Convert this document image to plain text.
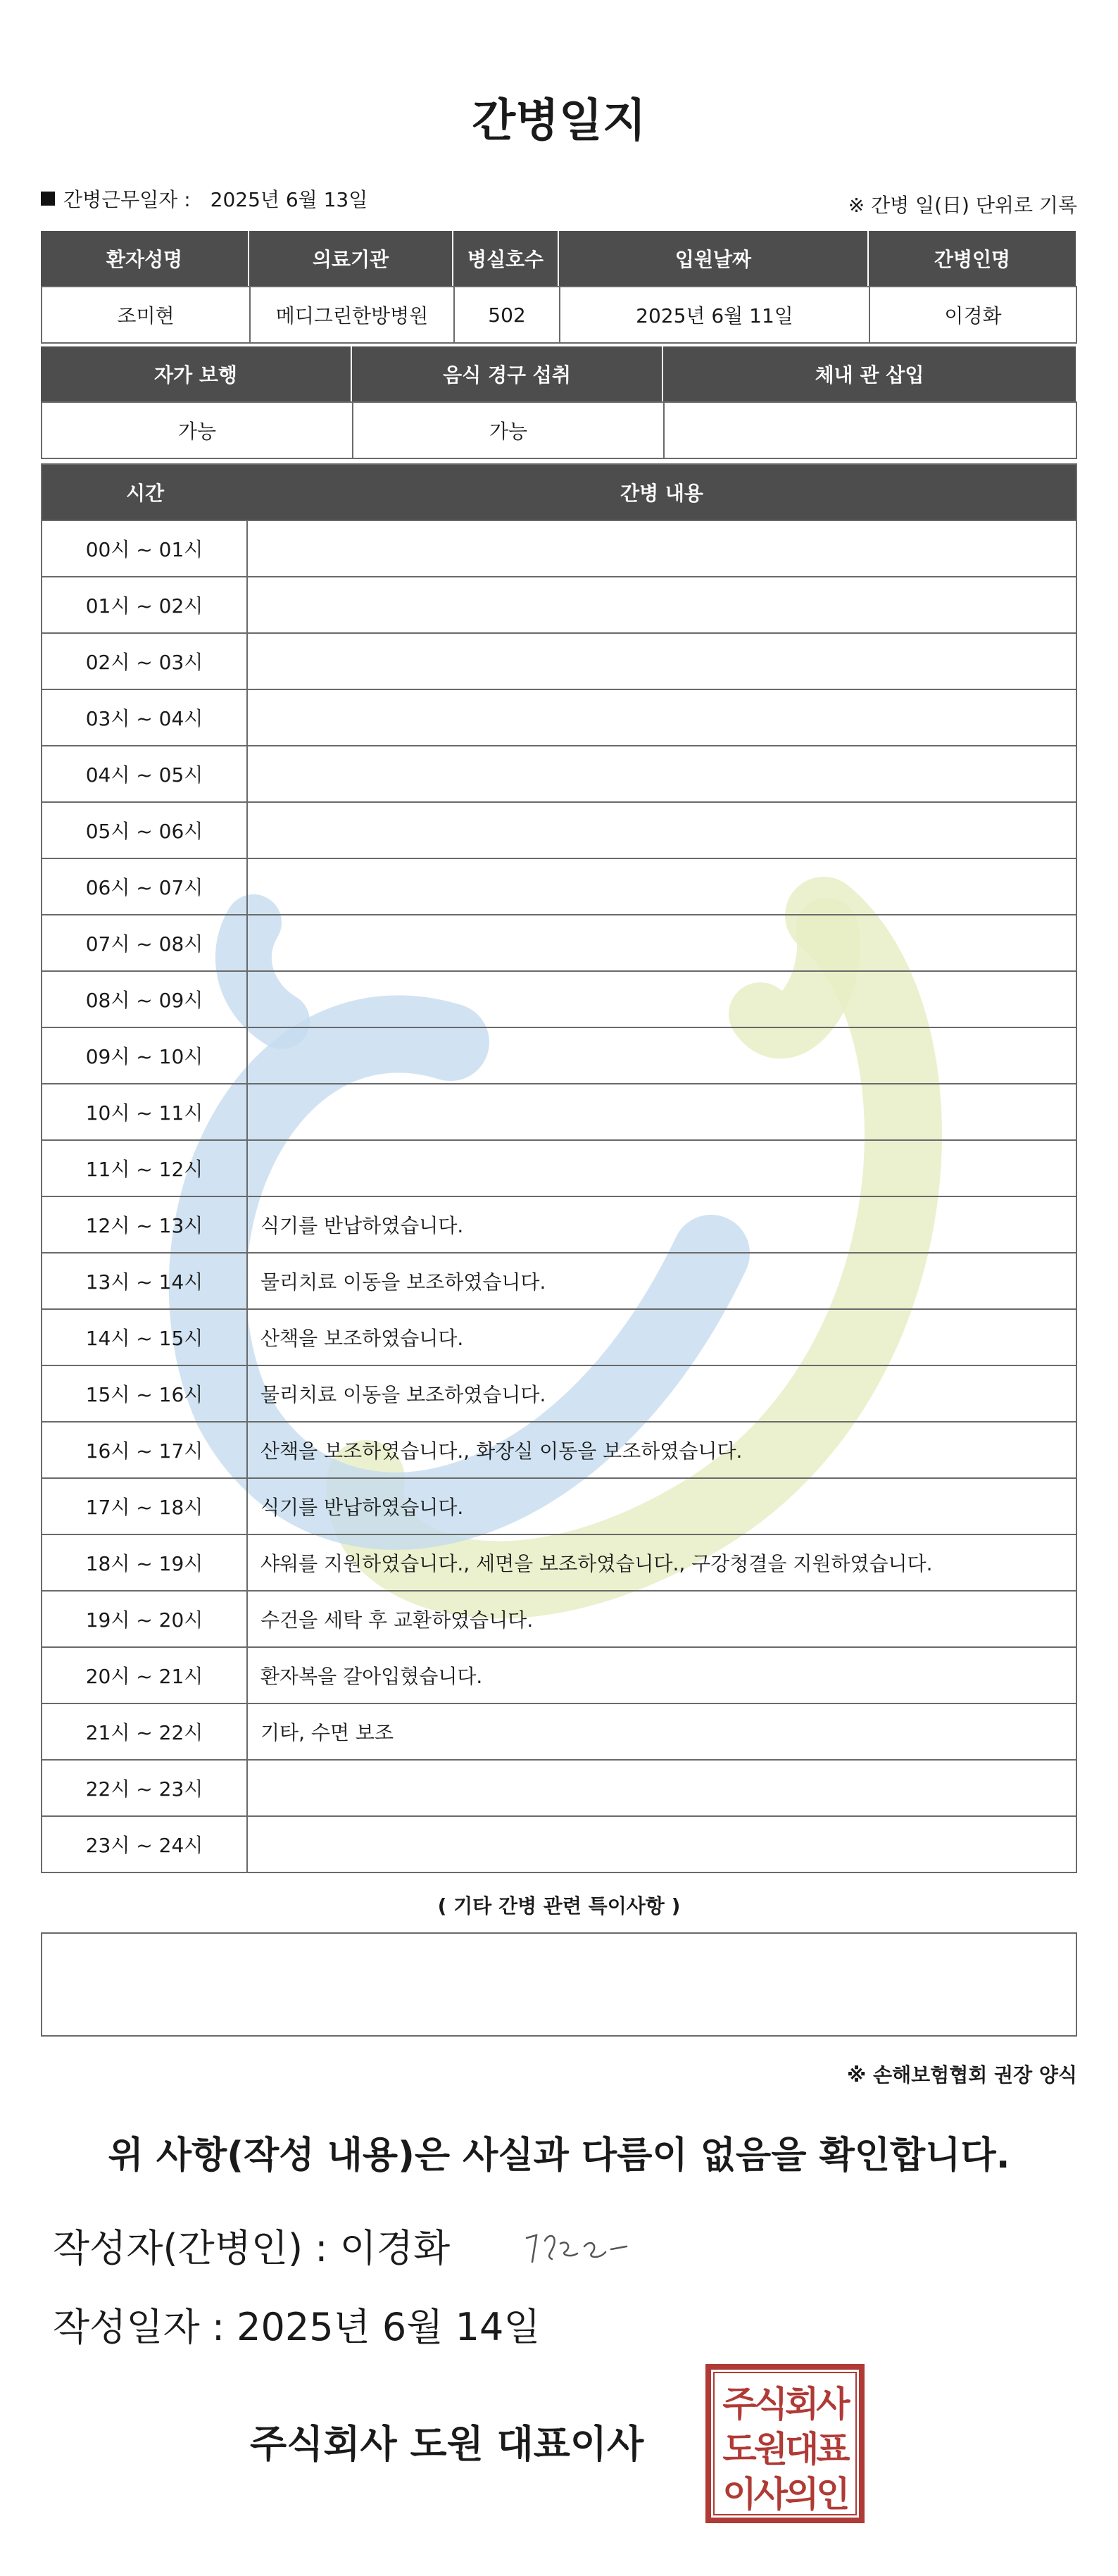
간병일지
간병근무일자 : 2025년 6월 13일	※ 간병 일(日) 단위로 기록
환자성명	의료기관	병실호수	입원날짜	간병인명
조미현	메디그린한방병원	502	2025년 6월 11일	이경화
자가 보행	음식 경구 섭취	체내 관 삽입
가능	가능
시간	간병 내용
00시 ~ 01시
01시 ~ 02시
02시 ~ 03시
03시 ~ 04시
04시 ~ 05시
05시 ~ 06시
06시 ~ 07시
07시 ~ 08시
08시 ~ 09시
09시 ~ 10시
10시 ~ 11시
11시 ~ 12시
12시 ~ 13시	식기를 반납하였습니다.
13시 ~ 14시	물리치료 이동을 보조하였습니다.
14시 ~ 15시	산책을 보조하였습니다.
15시 ~ 16시	물리치료 이동을 보조하였습니다.
16시 ~ 17시	산책을 보조하였습니다., 화장실 이동을 보조하였습니다.
17시 ~ 18시	식기를 반납하였습니다.
18시 ~ 19시	샤워를 지원하였습니다., 세면을 보조하였습니다., 구강청결을 지원하였습니다.
19시 ~ 20시	수건을 세탁 후 교환하였습니다.
20시 ~ 21시	환자복을 갈아입혔습니다.
21시 ~ 22시	기타, 수면 보조
22시 ~ 23시
23시 ~ 24시
( 기타 간병 관련 특이사항 )
※ 손해보험협회 권장 양식
위 사항(작성 내용)은 사실과 다름이 없음을 확인합니다.
작성자(간병인) : 이경화
작성일자 : 2025년 6월 14일
주식회사 도원 대표이사
주식회사
도원대표
이사의인
